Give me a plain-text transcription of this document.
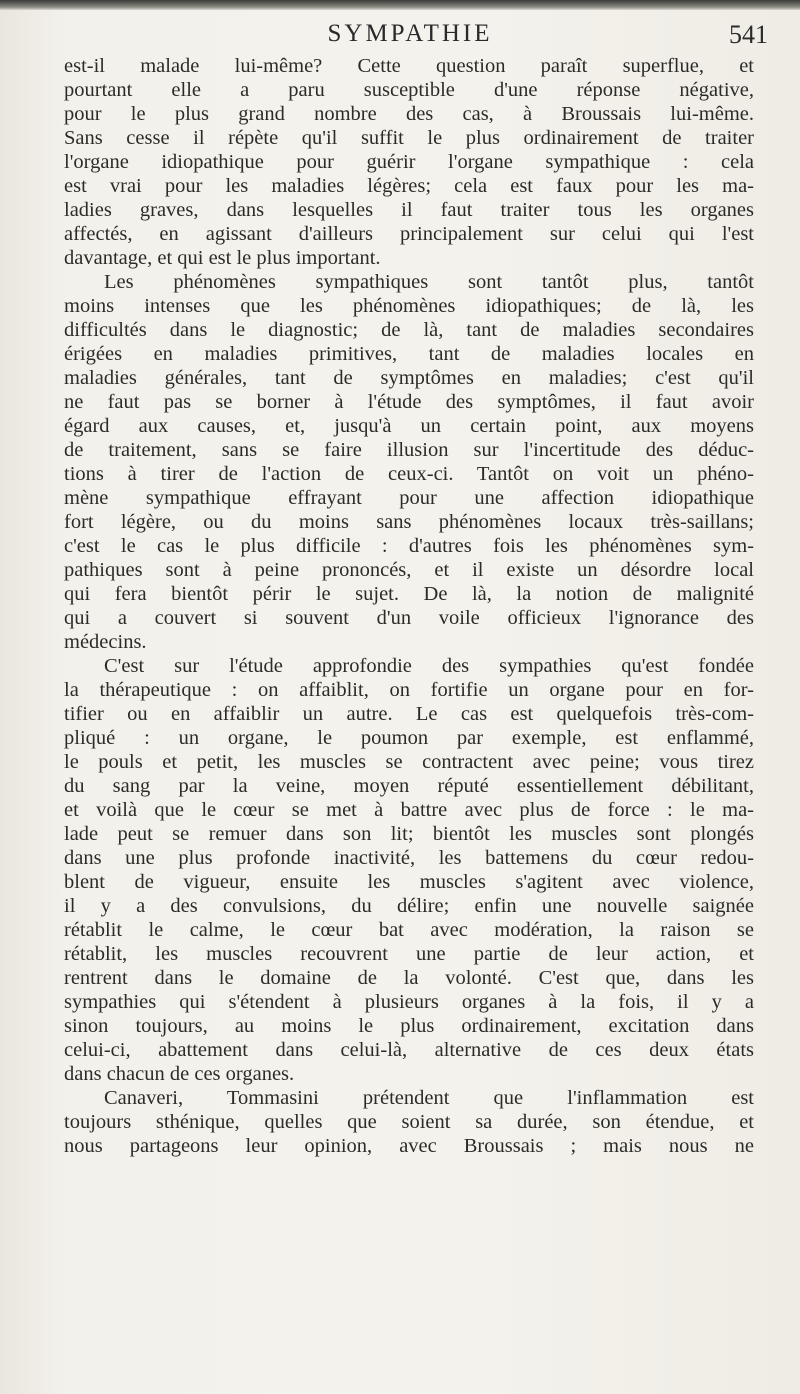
SYMPATHIE	541
est-il malade lui-même? Cette question paraît superflue, et
pourtant elle a paru susceptible d'une réponse négative,
pour le plus grand nombre des cas, à Broussais lui-même.
Sans cesse il répète qu'il suffit le plus ordinairement de traiter
l'organe idiopathique pour guérir l'organe sympathique : cela
est vrai pour les maladies légères; cela est faux pour les ma-
ladies graves, dans lesquelles il faut traiter tous les organes
affectés, en agissant d'ailleurs principalement sur celui qui l'est
davantage, et qui est le plus important.
Les phénomènes sympathiques sont tantôt plus, tantôt
moins intenses que les phénomènes idiopathiques; de là, les
difficultés dans le diagnostic; de là, tant de maladies secondaires
érigées en maladies primitives, tant de maladies locales en
maladies générales, tant de symptômes en maladies; c'est qu'il
ne faut pas se borner à l'étude des symptômes, il faut avoir
égard aux causes, et, jusqu'à un certain point, aux moyens
de traitement, sans se faire illusion sur l'incertitude des déduc-
tions à tirer de l'action de ceux-ci. Tantôt on voit un phéno-
mène sympathique effrayant pour une affection idiopathique
fort légère, ou du moins sans phénomènes locaux très-saillans;
c'est le cas le plus difficile : d'autres fois les phénomènes sym-
pathiques sont à peine prononcés, et il existe un désordre local
qui fera bientôt périr le sujet. De là, la notion de malignité
qui a couvert si souvent d'un voile officieux l'ignorance des
médecins.
C'est sur l'étude approfondie des sympathies qu'est fondée
la thérapeutique : on affaiblit, on fortifie un organe pour en for-
tifier ou en affaiblir un autre. Le cas est quelquefois très-com-
pliqué : un organe, le poumon par exemple, est enflammé,
le pouls et petit, les muscles se contractent avec peine; vous tirez
du sang par la veine, moyen réputé essentiellement débilitant,
et voilà que le cœur se met à battre avec plus de force : le ma-
lade peut se remuer dans son lit; bientôt les muscles sont plongés
dans une plus profonde inactivité, les battemens du cœur redou-
blent de vigueur, ensuite les muscles s'agitent avec violence,
il y a des convulsions, du délire; enfin une nouvelle saignée
rétablit le calme, le cœur bat avec modération, la raison se
rétablit, les muscles recouvrent une partie de leur action, et
rentrent dans le domaine de la volonté. C'est que, dans les
sympathies qui s'étendent à plusieurs organes à la fois, il y a
sinon toujours, au moins le plus ordinairement, excitation dans
celui-ci, abattement dans celui-là, alternative de ces deux états
dans chacun de ces organes.
Canaveri, Tommasini prétendent que l'inflammation est
toujours sthénique, quelles que soient sa durée, son étendue, et
nous partageons leur opinion, avec Broussais ; mais nous ne
